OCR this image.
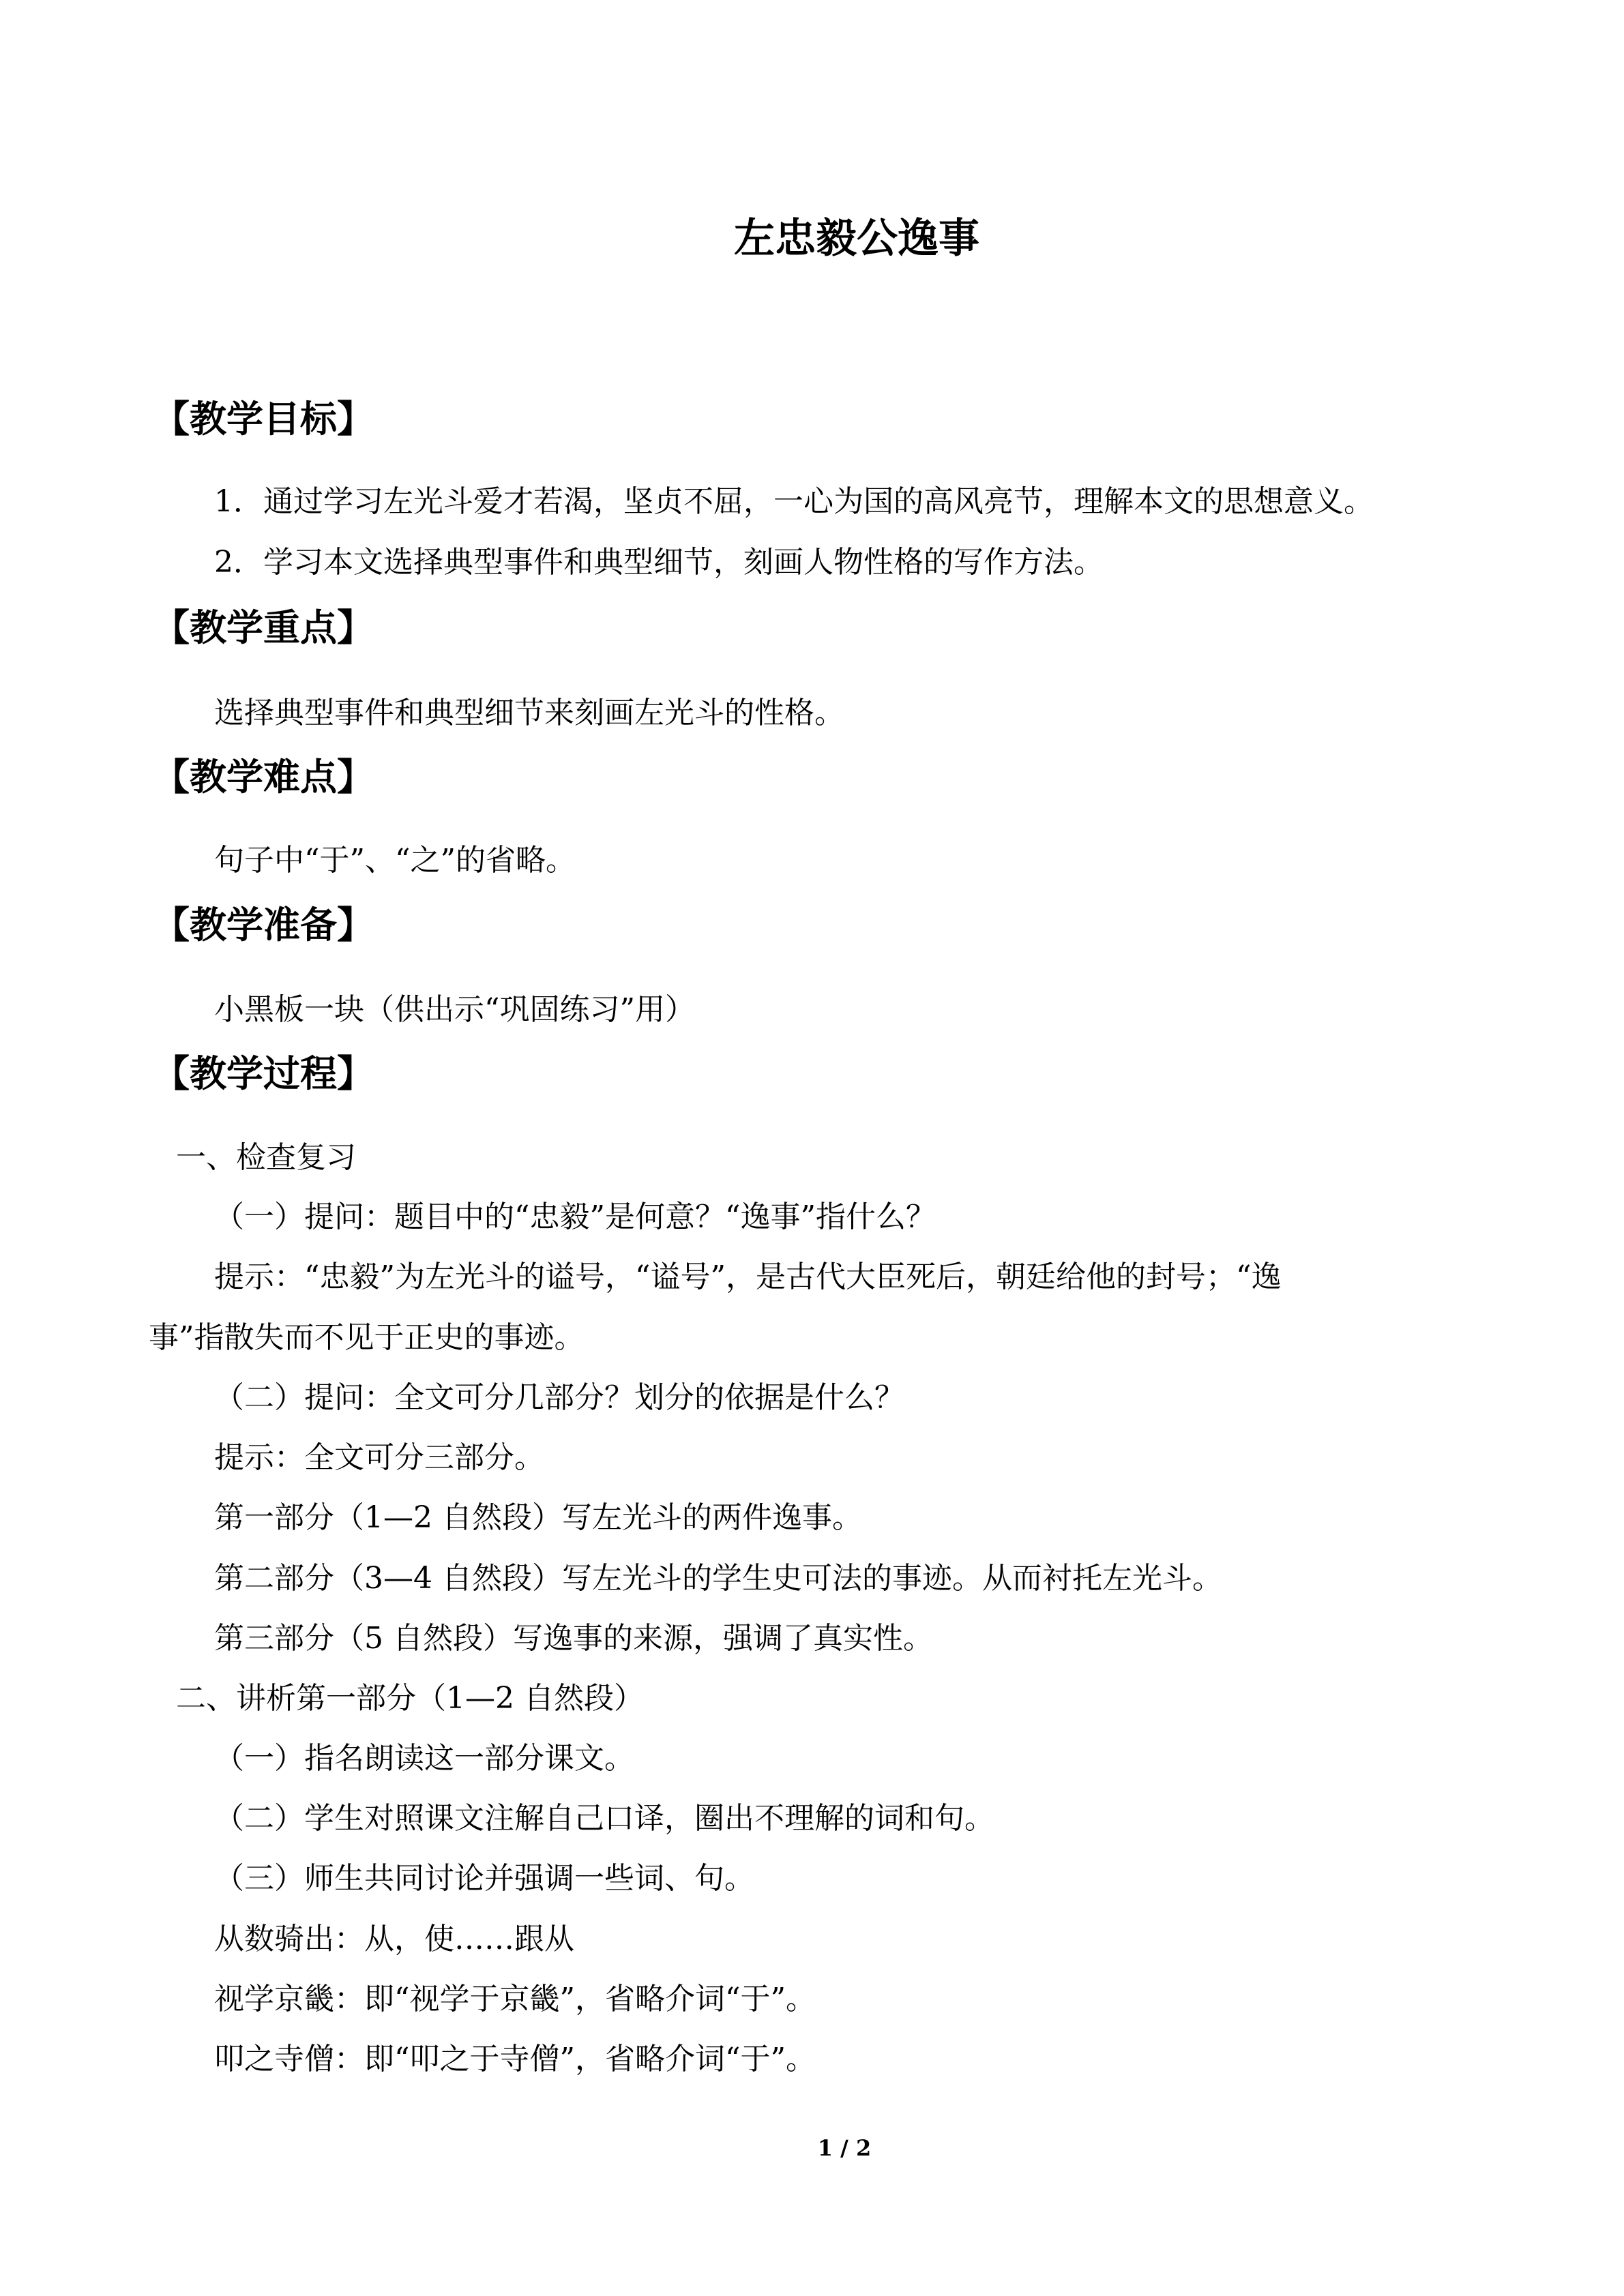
左忠毅公逸事
【教学目标】
1．通过学习左光斗爱才若渴，坚贞不屈，一心为国的高风亮节，理解本文的思想意义。
2．学习本文选择典型事件和典型细节，刻画人物性格的写作方法。
【教学重点】
选择典型事件和典型细节来刻画左光斗的性格。
【教学难点】
句子中“于”、“之”的省略。
【教学准备】
小黑板一块（供出示“巩固练习”用）
【教学过程】
一、检查复习
（一）提问：题目中的“忠毅”是何意？“逸事”指什么？
提示：“忠毅”为左光斗的谥号，“谥号”，是古代大臣死后，朝廷给他的封号；“逸
事”指散失而不见于正史的事迹。
（二）提问：全文可分几部分？划分的依据是什么？
提示：全文可分三部分。
第一部分（1—2 自然段）写左光斗的两件逸事。
第二部分（3—4 自然段）写左光斗的学生史可法的事迹。从而衬托左光斗。
第三部分（5 自然段）写逸事的来源，强调了真实性。
二、讲析第一部分（1—2 自然段）
（一）指名朗读这一部分课文。
（二）学生对照课文注解自己口译，圈出不理解的词和句。
（三）师生共同讨论并强调一些词、句。
从数骑出：从，使……跟从
视学京畿：即“视学于京畿”，省略介词“于”。
叩之寺僧：即“叩之于寺僧”，省略介词“于”。
1 / 2
